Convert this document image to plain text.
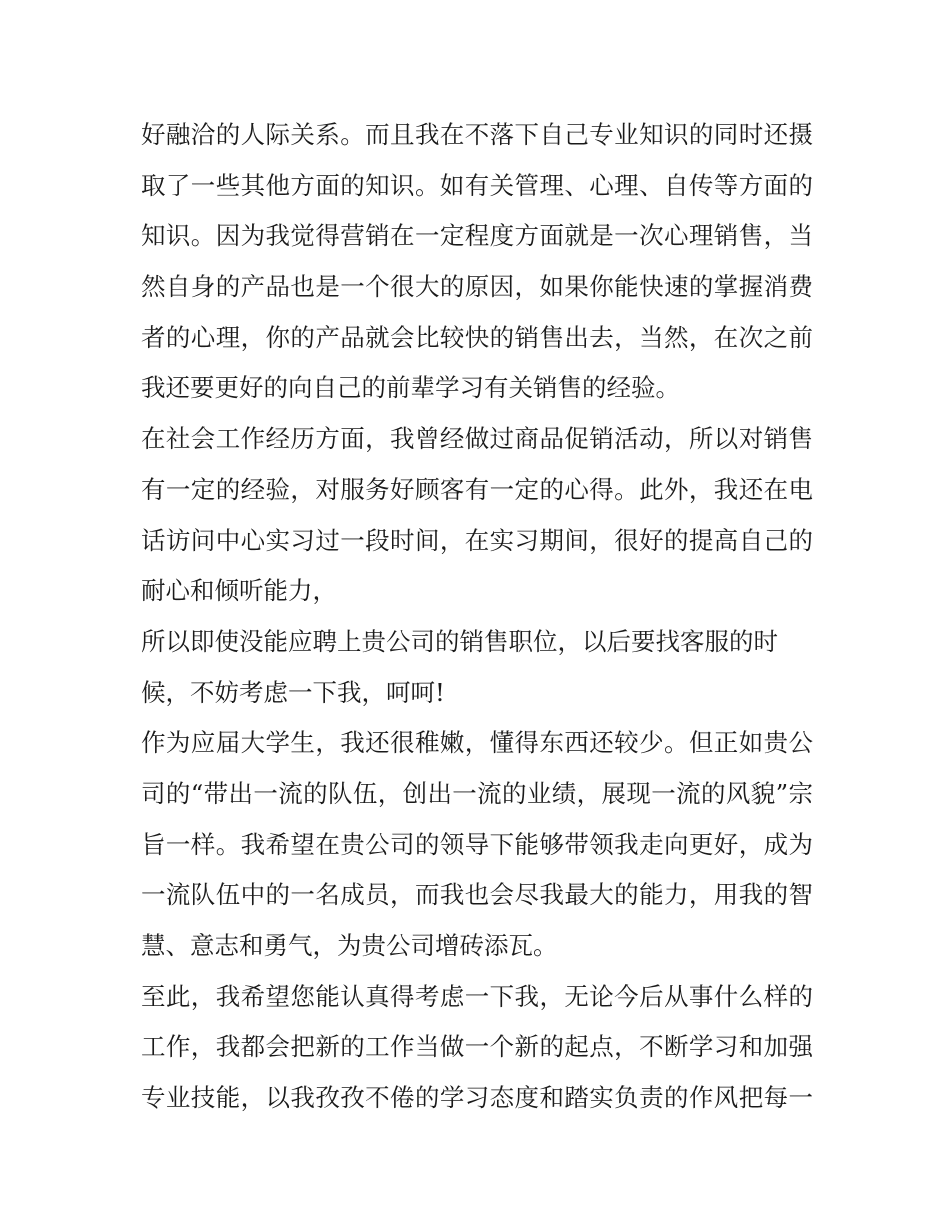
好融洽的人际关系。而且我在不落下自己专业知识的同时还摄
取了一些其他方面的知识。如有关管理、心理、自传等方面的
知识。因为我觉得营销在一定程度方面就是一次心理销售，当
然自身的产品也是一个很大的原因，如果你能快速的掌握消费
者的心理，你的产品就会比较快的销售出去，当然，在次之前
我还要更好的向自己的前辈学习有关销售的经验。
在社会工作经历方面，我曾经做过商品促销活动，所以对销售
有一定的经验，对服务好顾客有一定的心得。此外，我还在电
话访问中心实习过一段时间，在实习期间，很好的提高自己的
耐心和倾听能力，
所以即使没能应聘上贵公司的销售职位，以后要找客服的时
候，不妨考虑一下我，呵呵!
作为应届大学生，我还很稚嫩，懂得东西还较少。但正如贵公
司的“带出一流的队伍，创出一流的业绩，展现一流的风貌”宗
旨一样。我希望在贵公司的领导下能够带领我走向更好，成为
一流队伍中的一名成员，而我也会尽我最大的能力，用我的智
慧、意志和勇气，为贵公司增砖添瓦。
至此，我希望您能认真得考虑一下我，无论今后从事什么样的
工作，我都会把新的工作当做一个新的起点，不断学习和加强
专业技能，以我孜孜不倦的学习态度和踏实负责的作风把每一
